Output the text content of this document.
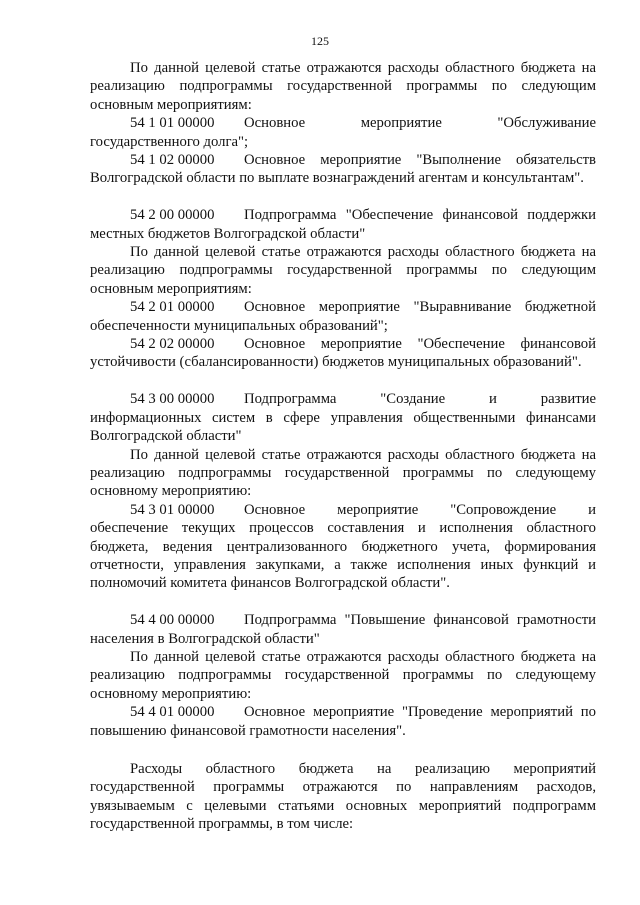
125

По данной целевой статье отражаются расходы областного бюджета на реализацию подпрограммы государственной программы по следующим основным мероприятиям:

54 1 01 00000 Основное мероприятие "Обслуживание

государственного долга";

54 1 02 00000 Основное мероприятие "Выполнение обязательств

Волгоградской области по выплате вознаграждений агентам и консультантам".

54 2 00 00000 Подпрограмма "Обеспечение финансовой поддержки

местных бюджетов Волгоградской области"

По данной целевой статье отражаются расходы областного бюджета на реализацию подпрограммы государственной программы по следующим основным мероприятиям:

54 2 01 00000 Основное мероприятие "Выравнивание бюджетной

обеспеченности муниципальных образований";

54 2 02 00000 Основное мероприятие "Обеспечение финансовой

устойчивости (сбалансированности) бюджетов муниципальных образований".

54 3 00 00000 Подпрограмма "Создание и развитие

информационных систем в сфере управления общественными финансами Волгоградской области"

По данной целевой статье отражаются расходы областного бюджета на реализацию подпрограммы государственной программы по следующему основному мероприятию:

54 3 01 00000 Основное мероприятие "Сопровождение и

обеспечение текущих процессов составления и исполнения областного бюджета, ведения централизованного бюджетного учета, формирования отчетности, управления закупками, а также исполнения иных функций и полномочий комитета финансов Волгоградской области".

54 4 00 00000 Подпрограмма "Повышение финансовой грамотности

населения в Волгоградской области"

По данной целевой статье отражаются расходы областного бюджета на реализацию подпрограммы государственной программы по следующему основному мероприятию:

54 4 01 00000 Основное мероприятие "Проведение мероприятий по

повышению финансовой грамотности населения".

Расходы областного бюджета на реализацию мероприятий государственной программы отражаются по направлениям расходов, увязываемым с целевыми статьями основных мероприятий подпрограмм государственной программы, в том числе:
